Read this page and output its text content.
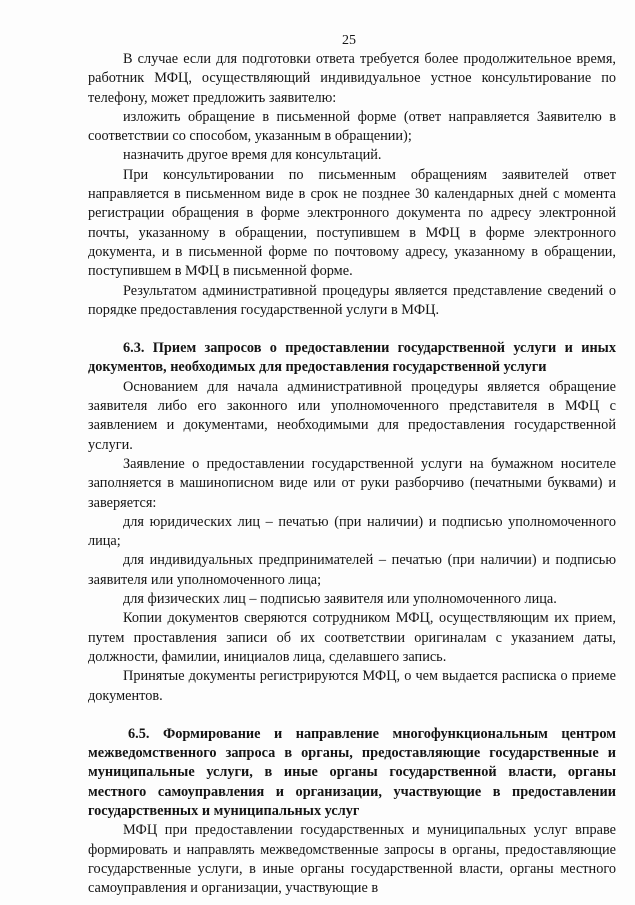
25

В случае если для подготовки ответа требуется более продолжительное время, работник МФЦ, осуществляющий индивидуальное устное консультирование по телефону, может предложить заявителю:

изложить обращение в письменной форме (ответ направляется Заявителю в соответствии со способом, указанным в обращении);

назначить другое время для консультаций.

При консультировании по письменным обращениям заявителей ответ направляется в письменном виде в срок не позднее 30 календарных дней с момента регистрации обращения в форме электронного документа по адресу электронной почты, указанному в обращении, поступившем в МФЦ в форме электронного документа, и в письменной форме по почтовому адресу, указанному в обращении, поступившем в МФЦ в письменной форме.

Результатом административной процедуры является представление сведений о порядке предоставления государственной услуги в МФЦ.

6.3. Прием запросов о предоставлении государственной услуги и иных документов, необходимых для предоставления государственной услуги

Основанием для начала административной процедуры является обращение заявителя либо его законного или уполномоченного представителя в МФЦ с заявлением и документами, необходимыми для предоставления государственной услуги.

Заявление о предоставлении государственной услуги на бумажном носителе заполняется в машинописном виде или от руки разборчиво (печатными буквами) и заверяется:

для юридических лиц – печатью (при наличии) и подписью уполномоченного лица;

для индивидуальных предпринимателей – печатью (при наличии) и подписью заявителя или уполномоченного лица;

для физических лиц – подписью заявителя или уполномоченного лица.

Копии документов сверяются сотрудником МФЦ, осуществляющим их прием, путем проставления записи об их соответствии оригиналам с указанием даты, должности, фамилии, инициалов лица, сделавшего запись.

Принятые документы регистрируются МФЦ, о чем выдается расписка о приеме документов.

6.5. Формирование и направление многофункциональным центром межведомственного запроса в органы, предоставляющие государственные и муниципальные услуги, в иные органы государственной власти, органы местного самоуправления и организации, участвующие в предоставлении государственных и муниципальных услуг

МФЦ при предоставлении государственных и муниципальных услуг вправе формировать и направлять межведомственные запросы в органы, предоставляющие государственные услуги, в иные органы государственной власти, органы местного самоуправления и организации, участвующие в
